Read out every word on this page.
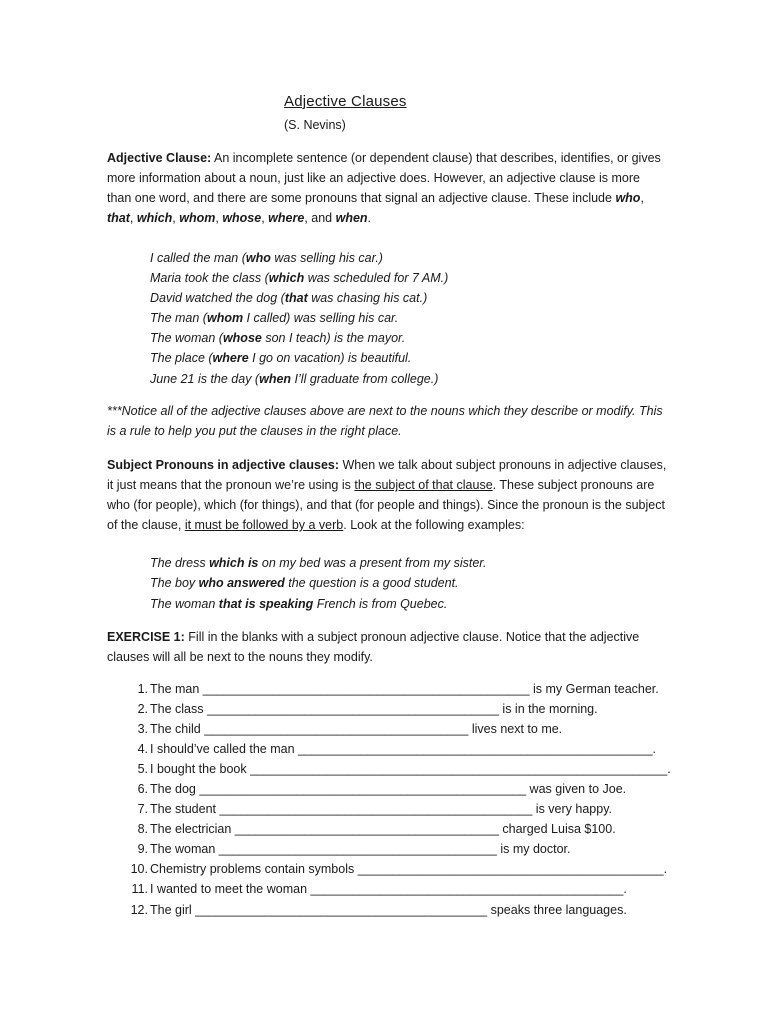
Adjective Clauses
(S. Nevins)
Adjective Clause: An incomplete sentence (or dependent clause) that describes, identifies, or gives more information about a noun, just like an adjective does. However, an adjective clause is more than one word, and there are some pronouns that signal an adjective clause. These include who, that, which, whom, whose, where, and when.
I called the man (who was selling his car.)
Maria took the class (which was scheduled for 7 AM.)
David watched the dog (that was chasing his cat.)
The man (whom I called) was selling his car.
The woman (whose son I teach) is the mayor.
The place (where I go on vacation) is beautiful.
June 21 is the day (when I’ll graduate from college.)
***Notice all of the adjective clauses above are next to the nouns which they describe or modify. This is a rule to help you put the clauses in the right place.
Subject Pronouns in adjective clauses: When we talk about subject pronouns in adjective clauses, it just means that the pronoun we’re using is the subject of that clause. These subject pronouns are who (for people), which (for things), and that (for people and things). Since the pronoun is the subject of the clause, it must be followed by a verb. Look at the following examples:
The dress which is on my bed was a present from my sister.
The boy who answered the question is a good student.
The woman that is speaking French is from Quebec.
EXERCISE 1: Fill in the blanks with a subject pronoun adjective clause. Notice that the adjective clauses will all be next to the nouns they modify.
1. The man _______________________________________________ is my German teacher.
2. The class __________________________________________ is in the morning.
3. The child ______________________________________ lives next to me.
4. I should’ve called the man ___________________________________________________.
5. I bought the book ____________________________________________________________.
6. The dog _______________________________________________ was given to Joe.
7. The student _____________________________________________ is very happy.
8. The electrician ______________________________________ charged Luisa $100.
9. The woman ________________________________________ is my doctor.
10. Chemistry problems contain symbols ____________________________________________.
11. I wanted to meet the woman _____________________________________________.
12. The girl __________________________________________ speaks three languages.
